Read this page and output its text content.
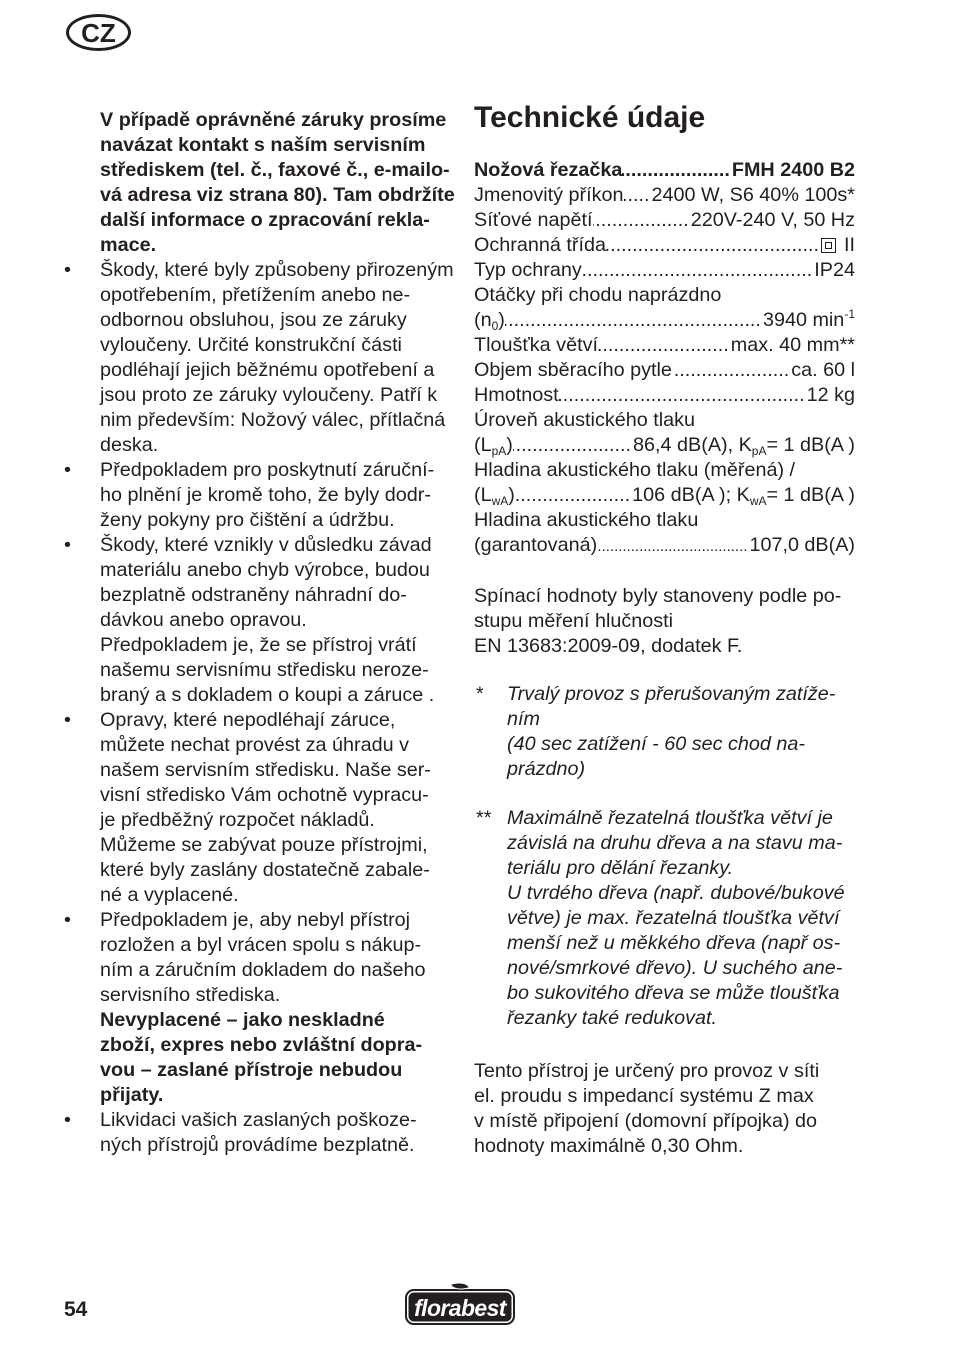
CZ
V případě oprávněné záruky prosíme
navázat kontakt s naším servisním
střediskem (tel. č., faxové č., e-mailo-
vá adresa viz strana 80). Tam obdržíte
další informace o zpracování rekla-
mace.
• Škody, které byly způsobeny přirozeným
opotřebením, přetížením anebo ne-
odbornou obsluhou, jsou ze záruky
vyloučeny. Určité konstrukční části
podléhají jejich běžnému opotřebení a
jsou proto ze záruky vyloučeny. Patří k
nim především: Nožový válec, přítlačná
deska.
• Předpokladem pro poskytnutí záruční-
ho plnění je kromě toho, že byly dodr-
ženy pokyny pro čištění a údržbu.
• Škody, které vznikly v důsledku závad
materiálu anebo chyb výrobce, budou
bezplatně odstraněny náhradní do-
dávkou anebo opravou.
Předpokladem je, že se přístroj vrátí
našemu servisnímu středisku neroze-
braný a s dokladem o koupi a záruce .
• Opravy, které nepodléhají záruce,
můžete nechat provést za úhradu v
našem servisním středisku. Naše ser-
visní středisko Vám ochotně vypracu-
je předběžný rozpočet nákladů.
Můžeme se zabývat pouze přístrojmi,
které byly zaslány dostatečně zabale-
né a vyplacené.
• Předpokladem je, aby nebyl přístroj
rozložen a byl vrácen spolu s nákup-
ním a záručním dokladem do našeho
servisního střediska.
Nevyplacené – jako neskladné
zboží, expres nebo zvláštní dopra-
vou – zaslané přístroje nebudou
přijaty.
• Likvidaci vašich zaslaných poškoze-
ných přístrojů provádíme bezplatně.
Technické údaje
Nožová řezačka .....	FMH 2400 B2
Jmenovitý příkon ..... 2400 W, S6 40% 100s*
Síťové napětí .....	220V-240 V, 50 Hz
Ochranná třída .....	II
Typ ochrany .....	IP24
Otáčky při chodu naprázdno
$(n_0)$ .....	3940 $\min^{-1}$
Tloušťka větví .....	max. 40 mm**
Objem sběracího pytle .....	ca. 60 l
Hmotnost .....	12 kg
Úroveň akustického tlaku
$(L_{pA})$ .....	86,4 dB(A), $K_{pA}= 1$ dB(A )
Hladina akustického tlaku (měřená) /
$(L_{wA})$ .....	106 dB(A ); $K_{wA}= 1$ dB(A )
Hladina akustického tlaku
(garantovaná) .....	107,0 dB(A)
Spínací hodnoty byly stanoveny podle po-
stupu měření hlučnosti
EN 13683:2009-09, dodatek F.
*	Trvalý provoz s přerušovaným zatíže-
ním
(40 sec zatížení - 60 sec chod na-
prázdno)
** Maximálně řezatelná tloušťka větví je
závislá na druhu dřeva a na stavu ma-
teriálu pro dělání řezanky.
U tvrdého dřeva (např. dubové/bukové
větve) je max. řezatelná tloušťka větví
menší než u měkkého dřeva (např os-
nové/smrkové dřevo). U suchého ane-
bo sukovitého dřeva se může tloušťka
řezanky také redukovat.
Tento přístroj je určený pro provoz v síti
el. proudu s impedancí systému Z max
v místě připojení (domovní přípojka) do
hodnoty maximálně 0,30 Ohm.
54	florabest
